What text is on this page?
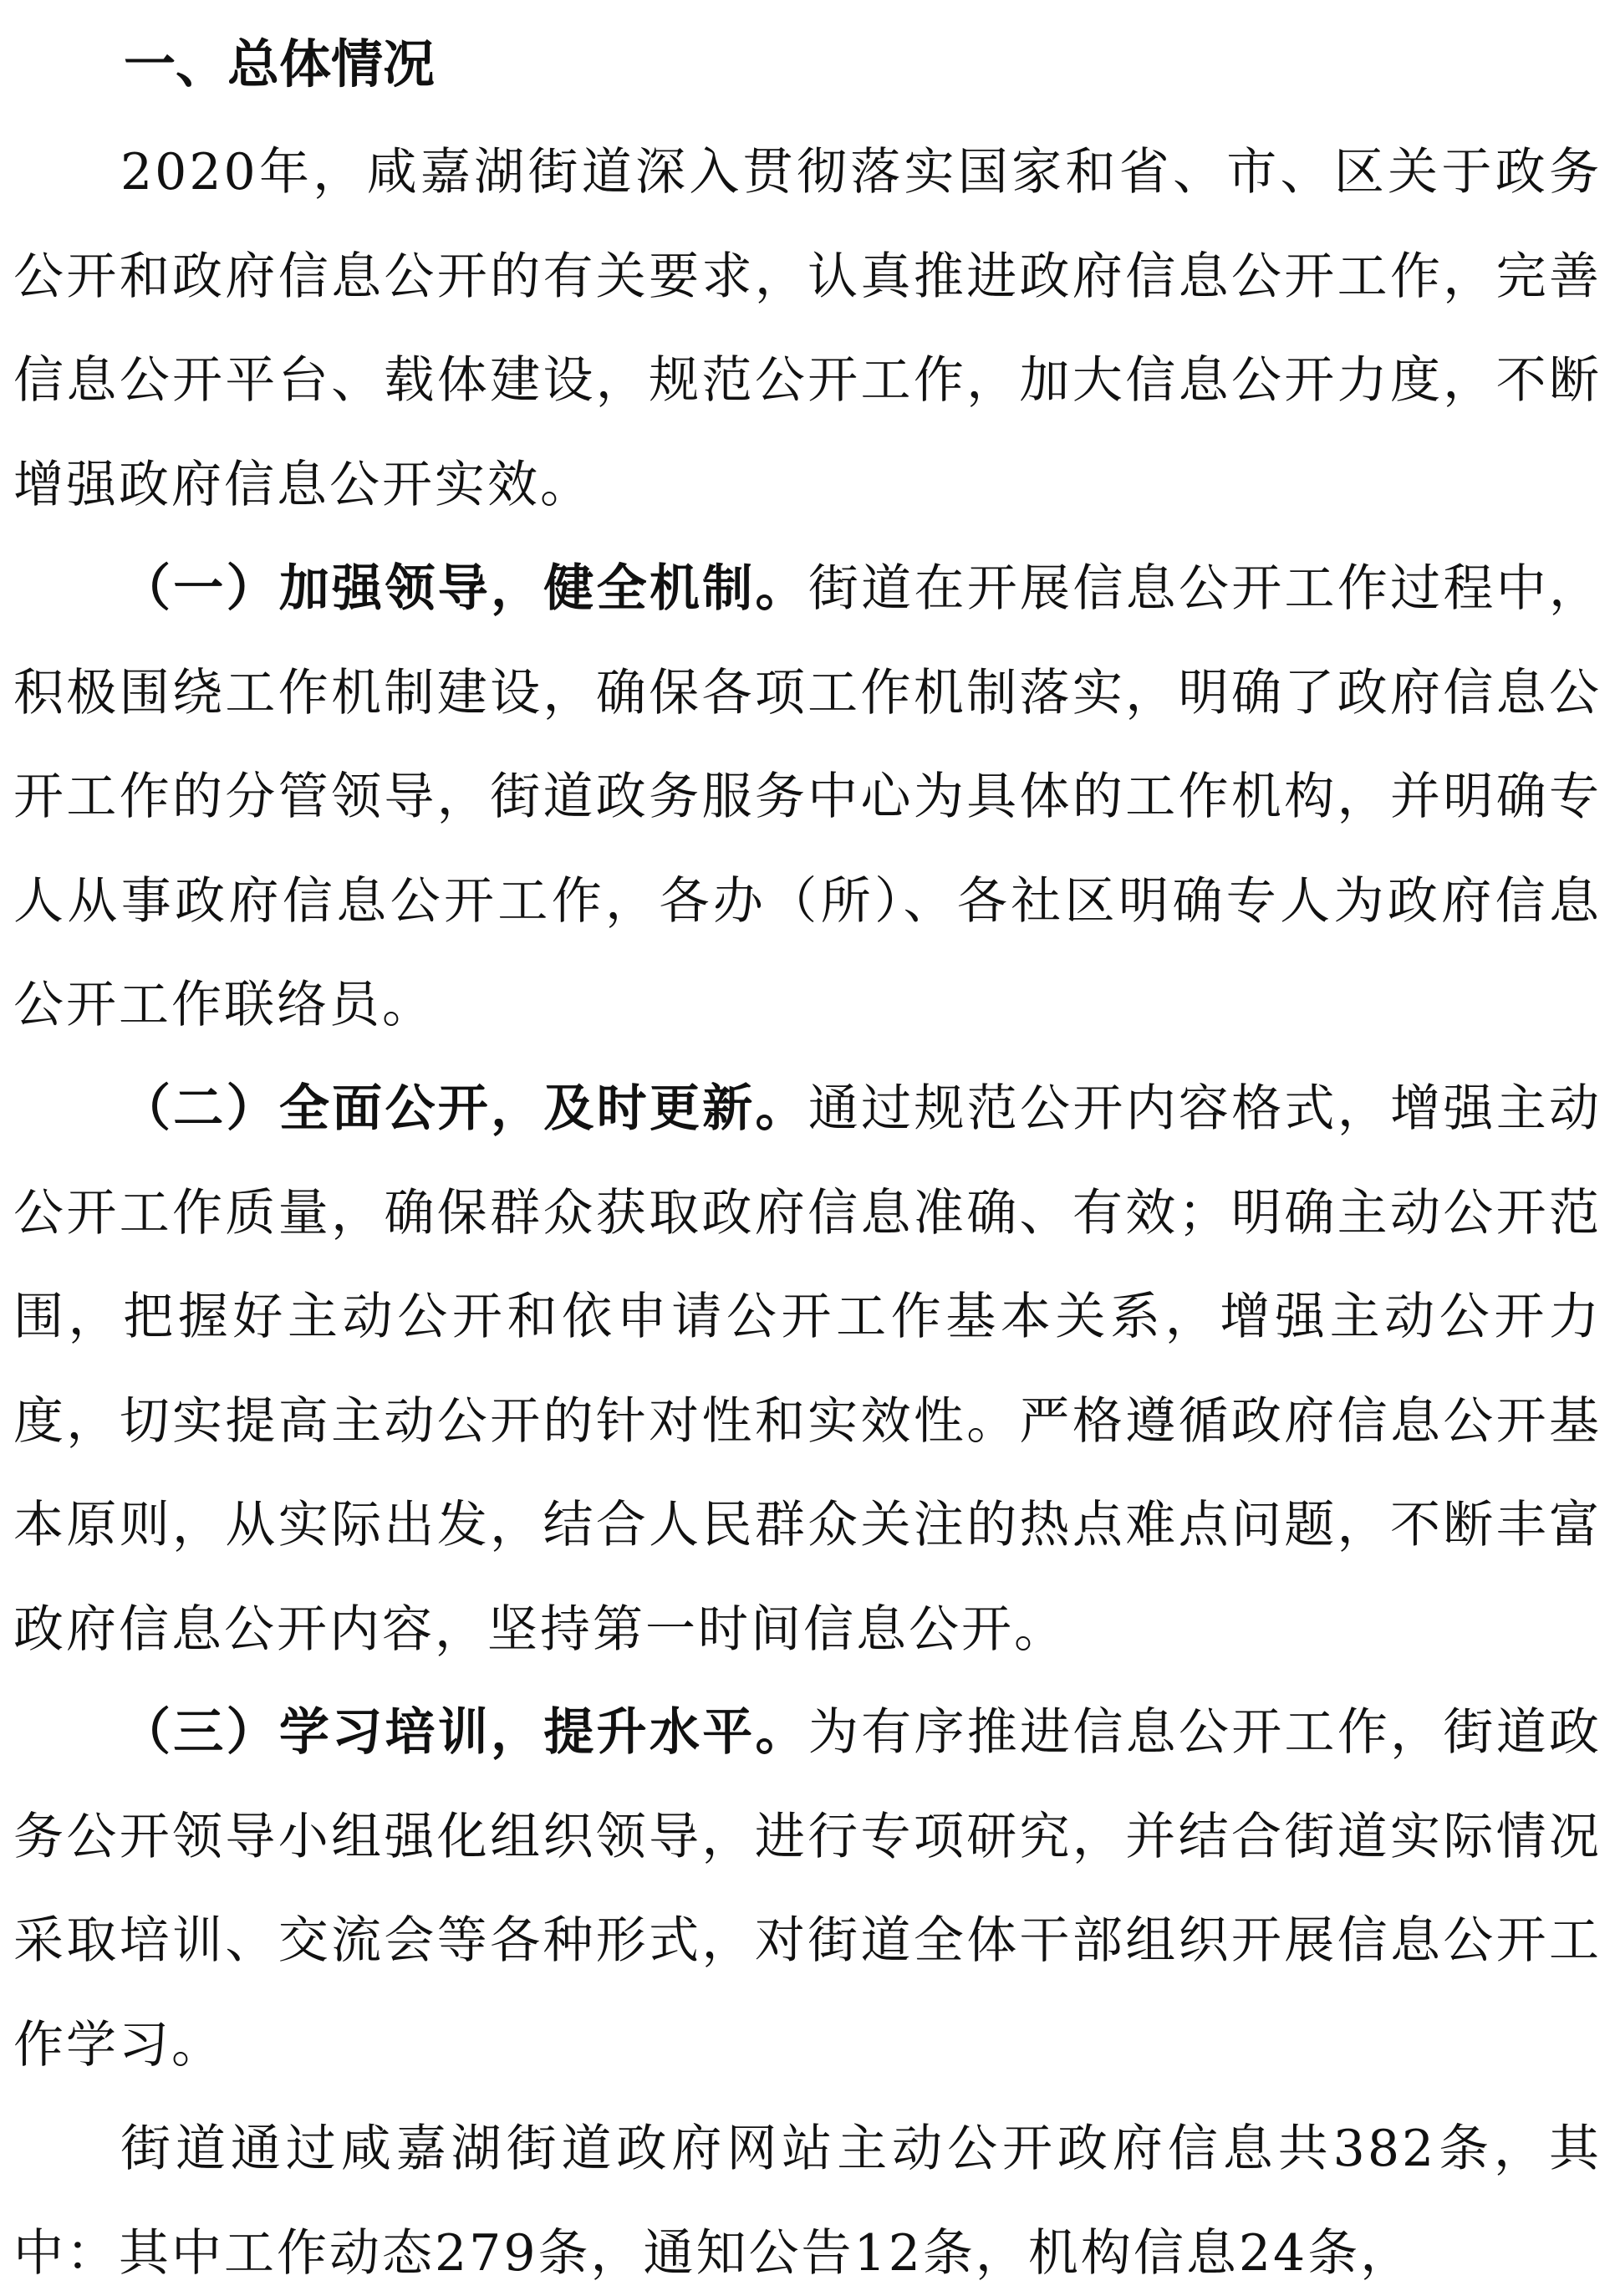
一、总体情况

2020年，咸嘉湖街道深入贯彻落实国家和省、市、区关于政务公开和政府信息公开的有关要求，认真推进政府信息公开工作，完善信息公开平台、载体建设，规范公开工作，加大信息公开力度，不断增强政府信息公开实效。

（一）加强领导，健全机制。街道在开展信息公开工作过程中，积极围绕工作机制建设，确保各项工作机制落实，明确了政府信息公开工作的分管领导，街道政务服务中心为具体的工作机构，并明确专人从事政府信息公开工作，各办（所）、各社区明确专人为政府信息公开工作联络员。

（二）全面公开，及时更新。通过规范公开内容格式，增强主动公开工作质量，确保群众获取政府信息准确、有效；明确主动公开范围，把握好主动公开和依申请公开工作基本关系，增强主动公开力度，切实提高主动公开的针对性和实效性。严格遵循政府信息公开基本原则，从实际出发，结合人民群众关注的热点难点问题，不断丰富政府信息公开内容，坚持第一时间信息公开。

（三）学习培训，提升水平。为有序推进信息公开工作，街道政务公开领导小组强化组织领导，进行专项研究，并结合街道实际情况采取培训、交流会等各种形式，对街道全体干部组织开展信息公开工作学习。

街道通过咸嘉湖街道政府网站主动公开政府信息共382条，其中：其中工作动态279条，通知公告12条，机构信息24条，
